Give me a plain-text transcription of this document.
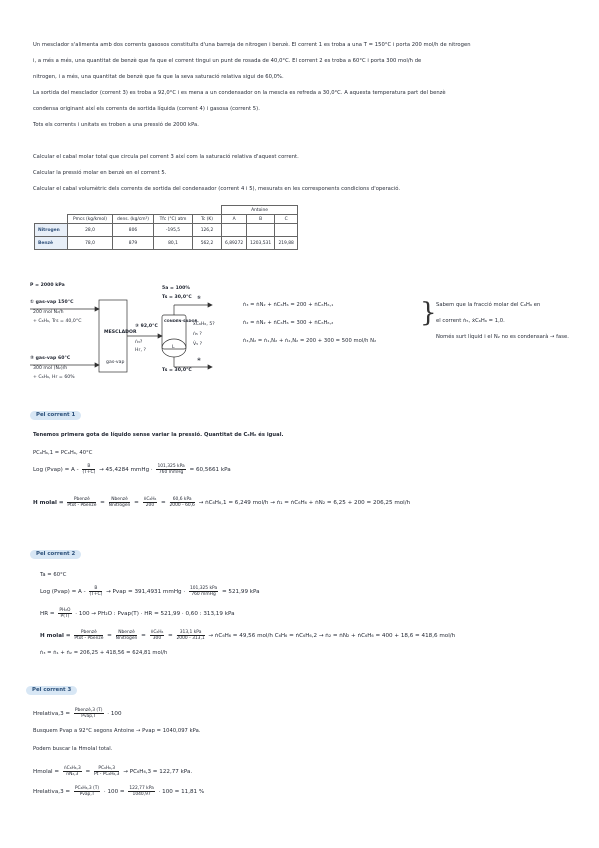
Un mesclador s'alimenta amb dos corrents gasosos constituïts d'una barreja de nitrogen i benzè. El corrent 1 es troba a una T = 150°C i porta 200 mol/h de nitrogen
i, a més a més, una quantitat de benzè que fa que el corrent tingui un punt de rosada de 40,0°C. El corrent 2 es troba a 60°C i porta 300 mol/h de
nitrogen, i a més, una quantitat de benzè que fa que la seva saturació relativa sigui de 60,0%.
La sortida del mesclador (corrent 3) es troba a 92,0°C i es mena a un condensador on la mescla es refreda a 30,0°C. A aquesta temperatura part del benzè
condensa originant així els corrents de sortida líquida (corrent 4) i gasosa (corrent 5).
Tots els corrents i unitats es troben a una pressió de 2000 kPa.
Calcular el cabal molar total que circula pel corrent 3 així com la saturació relativa d'aquest corrent.
Calcular la pressió molar en benzè en el corrent 5.
Calcular el cabal volumètric dels corrents de sortida del condensador (corrent 4 i 5), mesurats en les corresponents condicions d'operació.
					Antoine		
	Pmcs (kg/kmol)	dens. (kg/cm³)	Tfc (°C) atm	Tc (K)	A	B	C
Nitrogen	28,0	806	-195,5	126,2			
Benzè	78,0	879	80,1	562,2	6,89272	1203,531	219,88
P = 2000 kPa
① gas-vap 150°C
200 mol N₂/h
+ C₆H₆, Trs = 40,0°C
② gas-vap 60°C
300 mol (N₂)/h
+ C₆H₆, Hr = 60%
MESCLADOR
gas-vap
③ 92,0°C
ṅ₃?
Hr, ?
CONDEN-SADOR
5a = 100%
Ts = 30,0°C ⑤
ẋC₆H₆, 5?
ṅ₅ ?
V̇₅ ?
Ts = 30,0°C
④
L
ṅ₃ = ṅN₂ + ṅC₆H₆ = 200 + ṅC₆H₆,₁
ṅ₂ = ṅN₂ + ṅC₆H₆ = 300 + ṅC₆H₆,₂
ṅ₃,N₂ = ṅ₁,N₂ + ṅ₂,N₂ = 200 + 300 = 500 mol/h N₂
} Sabem que la fracció molar del C₆H₆ en
el corrent ṅ₅, ẋC₆H₆ = 1,0.
Només surt líquid i el N₂ no es condensarà → fase.
Pel corrent 1
Tenemos primera gota de líquido sense variar la pressió. Quantitat de C₆H₆ és igual.
PC₆H₆,1 = PC₆H₆, 40°C
Log (Pvap) = $A - \frac{B}{(T+C)} \to 45,4284$ mmHg · $\frac{\text{101,325 kPa}}{\text{760 mmHg}} = 60,5661$ kPa
H molal = $\frac{\text{Pbenzè}}{\text{Ptot - Pbenzè}} = \frac{\text{Nbenzè}}{\text{Nnitrogen}} = \frac{\text{ṅC₆H₆}}{200} = \frac{\text{60,6 kPa}}{2000 - 60,6}$ → ṅC₆H₆,1 = 6,249 mol/h → ṅ₁ = ṅC₆H₆ + ṅN₂ = 6,25 + 200 = 206,25 mol/h
Pel corrent 2
Ta = 60°C
Log (Pvap) = A - $\frac{B}{(T+C)}$ → Pvap = 391,4931 mmHg · $\frac{\text{101,325 kPa}}{\text{760 mmHg}} = 521,99$ kPa
HR = $\frac{\text{PH₂O}}{P(T)} \cdot 100 \to PH_2O$ : Pvap(T) · HR = 521,99 · 0,60 : 313,19 kPa
H molal = $\frac{\text{Pbenzè}}{\text{Ptot - Pbenzè}} = \frac{\text{Nbenzè}}{\text{Nnitrogen}} = \frac{\text{ṅC₆H₆}}{300} = \frac{\text{313,1 kPa}}{2000 - 313,1}$ → ṅC₆H₆ = 49,56 mol/h C₆H₆ = ṅC₆H₆,2 → ṅ₂ = ṅN₂ + ṅC₆H₆ = 400 + 18,6 = 418,6 mol/h
ṅ₃ = ṅ₁ + ṅ₂ = 206,25 + 418,56 = 624,81 mol/h
Pel corrent 3
Hrelativa,3 = $\frac{\text{Pbenzè,3 (T)}}{\text{Pvap,T}} \cdot 100$
Busquem Pvap a 92°C segons Antoine → Pvap = 1040,097 kPa.
Podem buscar la Hmolal total.
Hmolal = $\frac{\text{ṅC₆H₆,3}}{\text{ṅN₂,3}} = \frac{\text{PC₆H₆,3}}{\text{Pt - PC₆H₆,3}} \to PC_6H_6,3 = 122,77$ kPa.
Hrelativa,3 = $\frac{\text{PC₆H₆,3 (T)}}{\text{Pvap,T}} \cdot 100 = \frac{\text{122,77 kPa}}{1040,97} \cdot 100 = 11,81$ %
